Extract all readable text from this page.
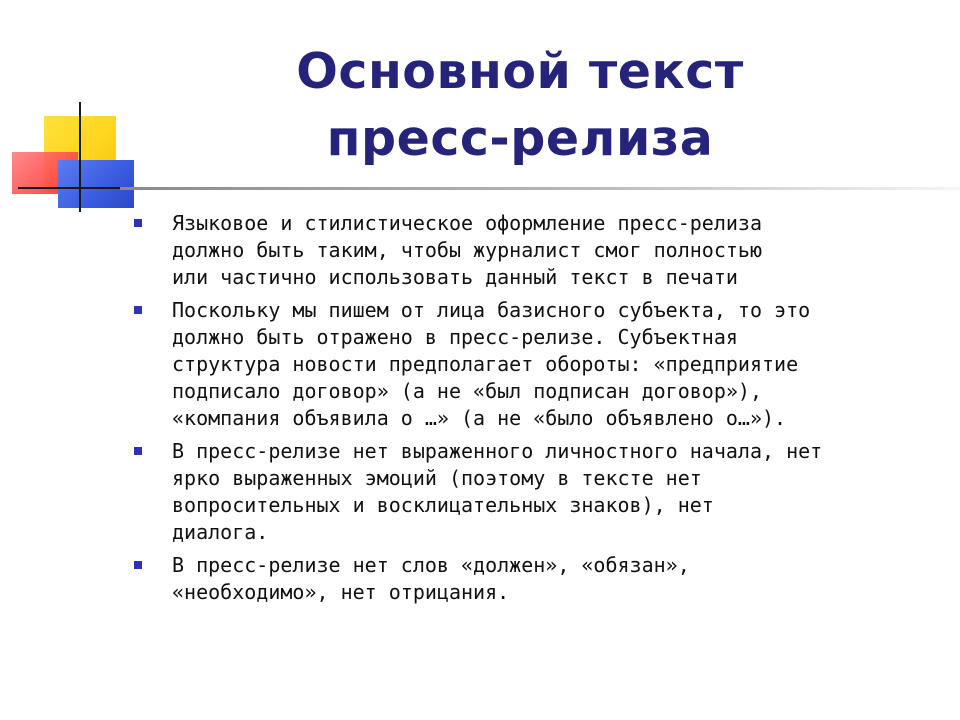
Основной текст
пресс-релиза
Языковое и стилистическое оформление пресс-релиза
должно быть таким, чтобы журналист смог полностью
или частично использовать данный текст в печати
Поскольку мы пишем от лица базисного субъекта, то это
должно быть отражено в пресс-релизе. Субъектная
структура новости предполагает обороты: «предприятие
подписало договор» (а не «был подписан договор»),
«компания объявила о …» (а не «было объявлено о…»).
В пресс-релизе нет выраженного личностного начала, нет
ярко выраженных эмоций (поэтому в тексте нет
вопросительных и восклицательных знаков), нет
диалога.
В пресс-релизе нет слов «должен», «обязан»,
«необходимо», нет отрицания.
